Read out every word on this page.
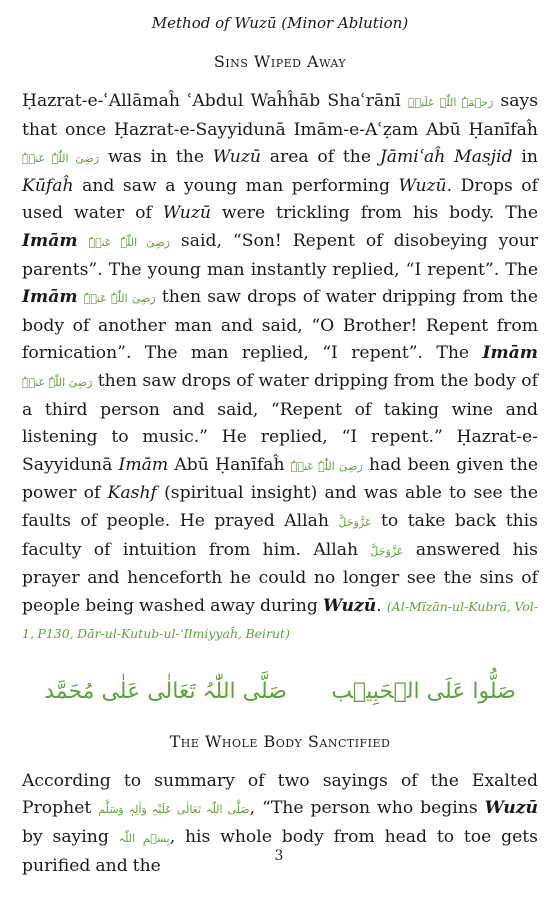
Method of Wuzū (Minor Ablution)
Sins Wiped Away

Ḥazrat-e-ʿAllāmaĥ ʿAbdul Waĥĥāb Shaʿrānī رَحۡمَۃُ اللّٰہِ عَلَیۡہِ says that once Ḥazrat-e-Sayyidunā Imām-e-Aʿẓam Abū Ḥanīfaĥ رَضِیَ اللّٰہُ عَنۡہُ was in the Wuzū area of the Jāmiʿaĥ Masjid in Kūfaĥ and saw a young man performing Wuzū. Drops of used water of Wuzū were trickling from his body. The Imām رَضِیَ اللّٰہُ عَنۡہُ said, “Son! Repent of disobeying your parents”. The young man instantly replied, “I repent”. The Imām رَضِیَ اللّٰہُ عَنۡہُ then saw drops of water dripping from the body of another man and said, “O Brother! Repent from fornication”. The man replied, “I repent”. The Imām رَضِیَ اللّٰہُ عَنۡہُ then saw drops of water dripping from the body of a third person and said, “Repent of taking wine and listening to music.” He replied, “I repent.” Ḥazrat-e-Sayyidunā Imām Abū Ḥanīfaĥ رَضِیَ اللّٰہُ عَنۡہُ had been given the power of Kashf (spiritual insight) and was able to see the faults of people. He prayed Allah عَزَّوَجَلَّ to take back this faculty of intuition from him. Allah عَزَّوَجَلَّ answered his prayer and henceforth he could no longer see the sins of people being washed away during Wuzū. (Al-Mīzān-ul-Kubrā, Vol-1, P130, Dār-ul-Kutub-ul-ʿIlmiyyaĥ, Beirut)

صَلُّوا عَلَی الۡحَبِیۡب
صَلَّی اللّٰہُ تَعَالٰی عَلٰی مُحَمَّد
The Whole Body Sanctified

According to summary of two sayings of the Exalted Prophet صَلَّی اللّٰہ تَعَالٰی عَلَیْہِ وَاٰلِہٖ وَسَلَّم, “The person who begins Wuzū by saying بِسۡمِ اللّٰہ, his whole body from head to toe gets purified and the	3
